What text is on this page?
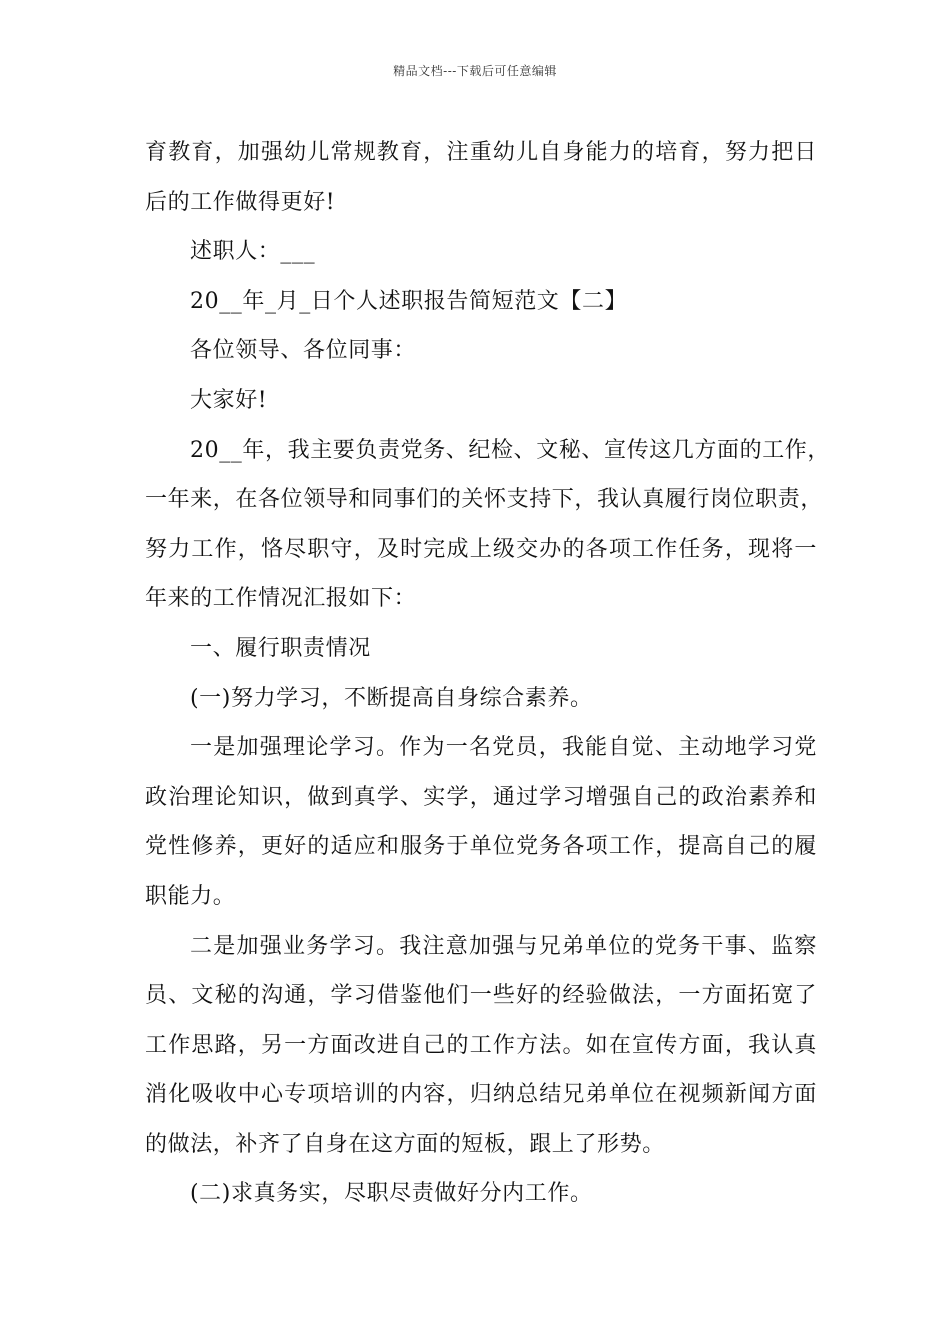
精品文档---下载后可任意编辑
育教育，加强幼儿常规教育，注重幼儿自身能力的培育，努力把日
后的工作做得更好!
述职人：___
20__年_月_日个人述职报告简短范文【二】
各位领导、各位同事：
大家好!
20__年，我主要负责党务、纪检、文秘、宣传这几方面的工作，
一年来，在各位领导和同事们的关怀支持下，我认真履行岗位职责，
努力工作，恪尽职守，及时完成上级交办的各项工作任务，现将一
年来的工作情况汇报如下：
一、履行职责情况
(一)努力学习，不断提高自身综合素养。
一是加强理论学习。作为一名党员，我能自觉、主动地学习党
政治理论知识，做到真学、实学，通过学习增强自己的政治素养和
党性修养，更好的适应和服务于单位党务各项工作，提高自己的履
职能力。
二是加强业务学习。我注意加强与兄弟单位的党务干事、监察
员、文秘的沟通，学习借鉴他们一些好的经验做法，一方面拓宽了
工作思路，另一方面改进自己的工作方法。如在宣传方面，我认真
消化吸收中心专项培训的内容，归纳总结兄弟单位在视频新闻方面
的做法，补齐了自身在这方面的短板，跟上了形势。
(二)求真务实，尽职尽责做好分内工作。
